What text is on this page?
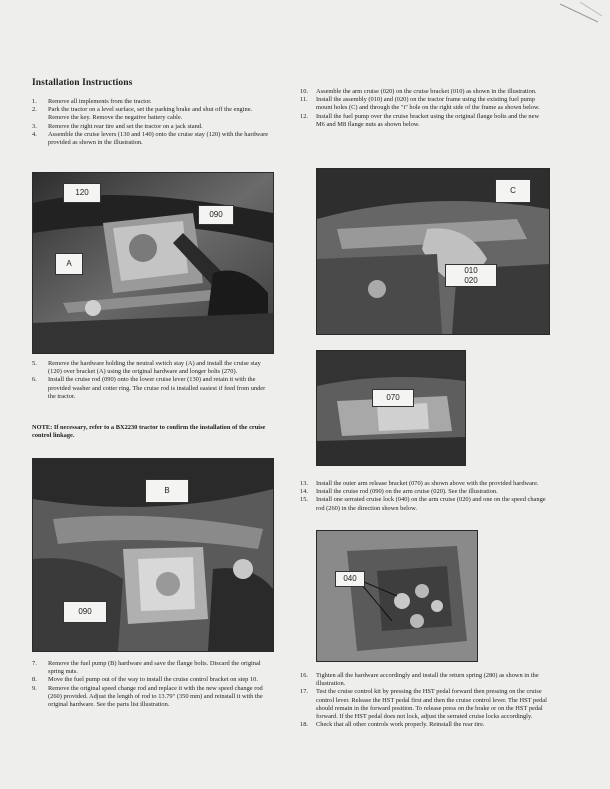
Installation Instructions
1.	Remove all implements from the tractor.
2.	Park the tractor on a level surface, set the parking brake and shut off the engine. Remove the key. Remove the negative battery cable.
3.	Remove the right rear tire and set the tractor on a jack stand.
4.	Assemble the cruise levers (130 and 140) onto the cruise stay (120) with the hardware provided as shown in the illustration.
120
090
A
5.	Remove the hardware holding the neutral switch stay (A) and install the cruise stay (120) over bracket (A) using the original hardware and longer bolts (270).
6.	Install the cruise rod (090) onto the lower cruise lever (130) and retain it with the provided washer and cotter ring. The cruise rod is installed easiest if feed from under the tractor.
NOTE: If necessary, refer to a BX2230 tractor to confirm the installation of the cruise control linkage.
B
090
7.	Remove the fuel pump (B) hardware and save the flange bolts. Discard the original spring nuts.
8.	Move the fuel pump out of the way to install the cruise control bracket on step 10.
9.	Remove the original speed change rod and replace it with the new speed change rod (260) provided. Adjust the length of rod to 13.79" (350 mm) and reinstall it with the original hardware. See the parts list illustration.
10.	Assemble the arm cruise (020) on the cruise bracket (010) as shown in the illustration.
11.	Install the assembly (010) and (020) on the tractor frame using the existing fuel pump mount holes (C) and through the "t" hole on the right side of the frame as shown below.
12.	Install the fuel pump over the cruise bracket using the original flange bolts and the new M6 and M8 flange nuts as shown below.
C
010
020
070
13.	Install the outer arm release bracket (070) as shown above with the provided hardware.
14.	Install the cruise rod (090) on the arm cruise (020). See the illustration.
15.	Install one serrated cruise lock (040) on the arm cruise (020) and one on the speed change rod (260) in the direction shown below.
040
16.	Tighten all the hardware accordingly and install the return spring (280) as shown in the illustration.
17.	Test the cruise control kit by pressing the HST pedal forward then pressing on the cruise control lever. Release the HST pedal first and then the cruise control lever. The HST pedal should remain in the forward position. To release press on the brake or on the HST pedal forward. If the HST pedal does not lock, adjust the serrated cruise locks accordingly.
18.	Check that all other controls work properly. Reinstall the rear tire.
